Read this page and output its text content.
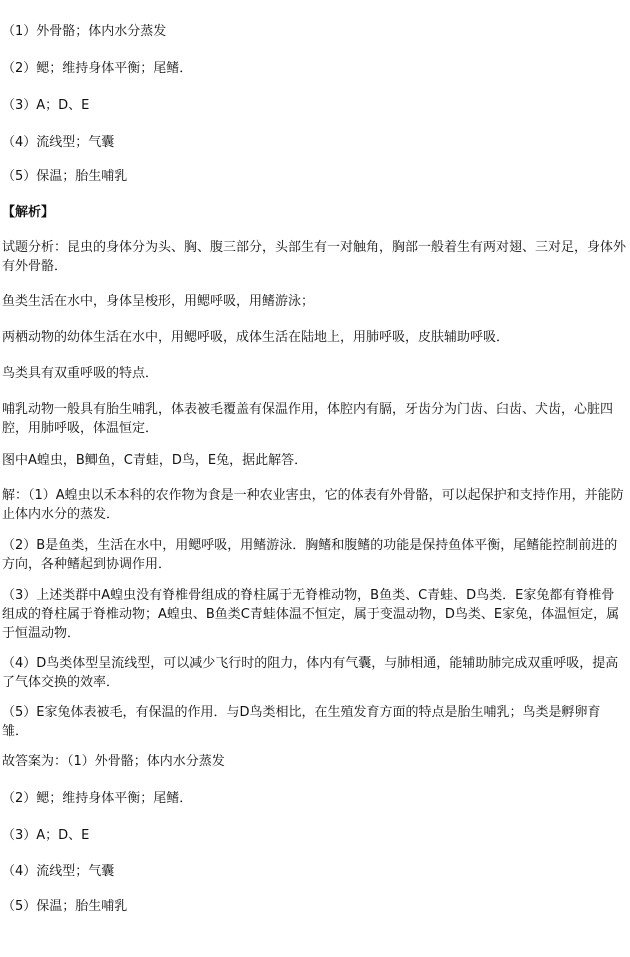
（1）外骨骼；体内水分蒸发
（2）鳃；维持身体平衡；尾鳍．
（3）A；D、E
（4）流线型；气囊
（5）保温；胎生哺乳
【解析】
试题分析：昆虫的身体分为头、胸、腹三部分，头部生有一对触角，胸部一般着生有两对翅、三对足，身体外有外骨骼．
鱼类生活在水中，身体呈梭形，用鳃呼吸，用鳍游泳；
两栖动物的幼体生活在水中，用鳃呼吸，成体生活在陆地上，用肺呼吸，皮肤辅助呼吸．
鸟类具有双重呼吸的特点．
哺乳动物一般具有胎生哺乳，体表被毛覆盖有保温作用，体腔内有膈，牙齿分为门齿、臼齿、犬齿，心脏四腔，用肺呼吸，体温恒定．
图中A蝗虫，B鲫鱼，C青蛙，D鸟，E兔，据此解答．
解：（1）A蝗虫以禾本科的农作物为食是一种农业害虫，它的体表有外骨骼，可以起保护和支持作用，并能防止体内水分的蒸发．
（2）B是鱼类，生活在水中，用鳃呼吸，用鳍游泳．胸鳍和腹鳍的功能是保持鱼体平衡，尾鳍能控制前进的方向，各种鳍起到协调作用．
（3）上述类群中A蝗虫没有脊椎骨组成的脊柱属于无脊椎动物，B鱼类、C青蛙、D鸟类．E家兔都有脊椎骨组成的脊柱属于脊椎动物；A蝗虫、B鱼类C青蛙体温不恒定，属于变温动物，D鸟类、E家兔，体温恒定，属于恒温动物．
（4）D鸟类体型呈流线型，可以减少飞行时的阻力，体内有气囊，与肺相通，能辅助肺完成双重呼吸，提高了气体交换的效率．
（5）E家兔体表被毛，有保温的作用．与D鸟类相比，在生殖发育方面的特点是胎生哺乳；鸟类是孵卵育雏．
故答案为：（1）外骨骼；体内水分蒸发
（2）鳃；维持身体平衡；尾鳍．
（3）A；D、E
（4）流线型；气囊
（5）保温；胎生哺乳
